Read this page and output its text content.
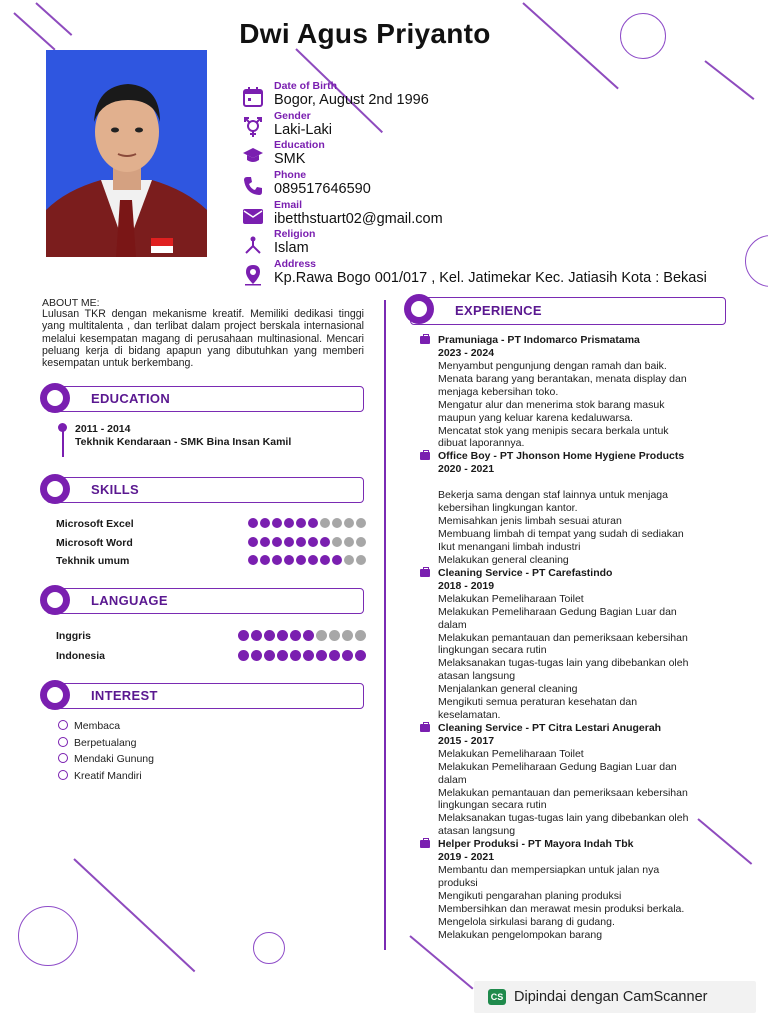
Dwi Agus Priyanto
Date of Birth
Bogor, August 2nd 1996
Gender
Laki-Laki
Education
SMK
Phone
089517646590
Email
ibetthstuart02@gmail.com
Religion
Islam
Address
Kp.Rawa Bogo 001/017 , Kel. Jatimekar Kec. Jatiasih Kota : Bekasi
ABOUT ME:
Lulusan TKR dengan mekanisme kreatif. Memiliki dedikasi tinggi yang multitalenta , dan terlibat dalam project berskala internasional melalui kesempatan magang di perusahaan multinasional. Mencari peluang kerja di bidang apapun yang dibutuhkan yang memberi kesempatan untuk berkembang.
EDUCATION
2011 - 2014
Tekhnik Kendaraan - SMK Bina Insan Kamil
SKILLS
Microsoft Excel
Microsoft Word
Tekhnik umum
LANGUAGE
Inggris
Indonesia
INTEREST
Membaca
Berpetualang
Mendaki Gunung
Kreatif Mandiri
EXPERIENCE
Pramuniaga - PT Indomarco Prismatama
2023 - 2024
Menyambut pengunjung dengan ramah dan baik.
Menata barang yang berantakan, menata display dan
menjaga kebersihan toko.
Mengatur alur dan menerima stok barang masuk
maupun yang keluar karena kedaluwarsa.
Mencatat stok yang menipis secara berkala untuk
dibuat laporannya.
Office Boy - PT Jhonson Home Hygiene Products
2020 - 2021
Bekerja sama dengan staf lainnya untuk menjaga
kebersihan lingkungan kantor.
Memisahkan jenis limbah sesuai aturan
Membuang limbah di tempat yang sudah di sediakan
Ikut menangani limbah industri
Melakukan general cleaning
Cleaning Service - PT Carefastindo
2018 - 2019
Melakukan Pemeliharaan Toilet
Melakukan Pemeliharaan Gedung Bagian Luar dan
dalam
Melakukan pemantauan dan pemeriksaan kebersihan
lingkungan secara rutin
Melaksanakan tugas-tugas lain yang dibebankan oleh
atasan langsung
Menjalankan general cleaning
Mengikuti semua peraturan kesehatan dan
keselamatan.
Cleaning Service - PT Citra Lestari Anugerah
2015 - 2017
Melakukan Pemeliharaan Toilet
Melakukan Pemeliharaan Gedung Bagian Luar dan
dalam
Melakukan pemantauan dan pemeriksaan kebersihan
lingkungan secara rutin
Melaksanakan tugas-tugas lain yang dibebankan oleh
atasan langsung
Helper Produksi - PT Mayora Indah Tbk
2019 - 2021
Membantu dan mempersiapkan untuk jalan nya
produksi
Mengikuti pengarahan planing produksi
Membersihkan dan merawat mesin produksi berkala.
Mengelola sirkulasi barang di gudang.
Melakukan pengelompokan barang
CS Dipindai dengan CamScanner
